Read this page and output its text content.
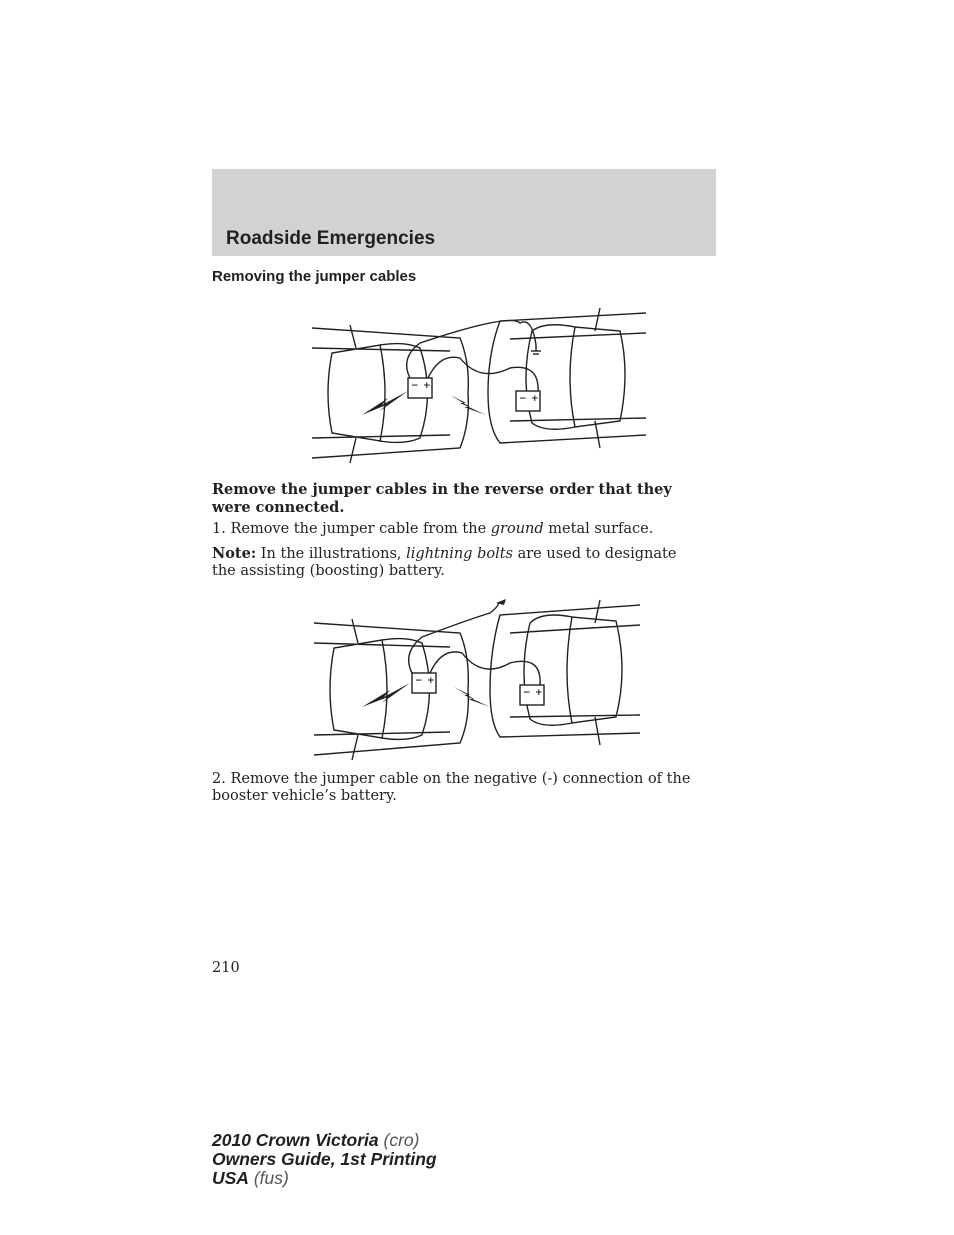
Roadside Emergencies
Removing the jumper cables
− +
− +
Remove the jumper cables in the reverse order that they were connected.
1. Remove the jumper cable from the ground metal surface.
Note: In the illustrations, lightning bolts are used to designate the assisting (boosting) battery.
− +
− +
2. Remove the jumper cable on the negative (-) connection of the booster vehicle’s battery.
210
2010 Crown Victoria (cro)
Owners Guide, 1st Printing
USA (fus)
